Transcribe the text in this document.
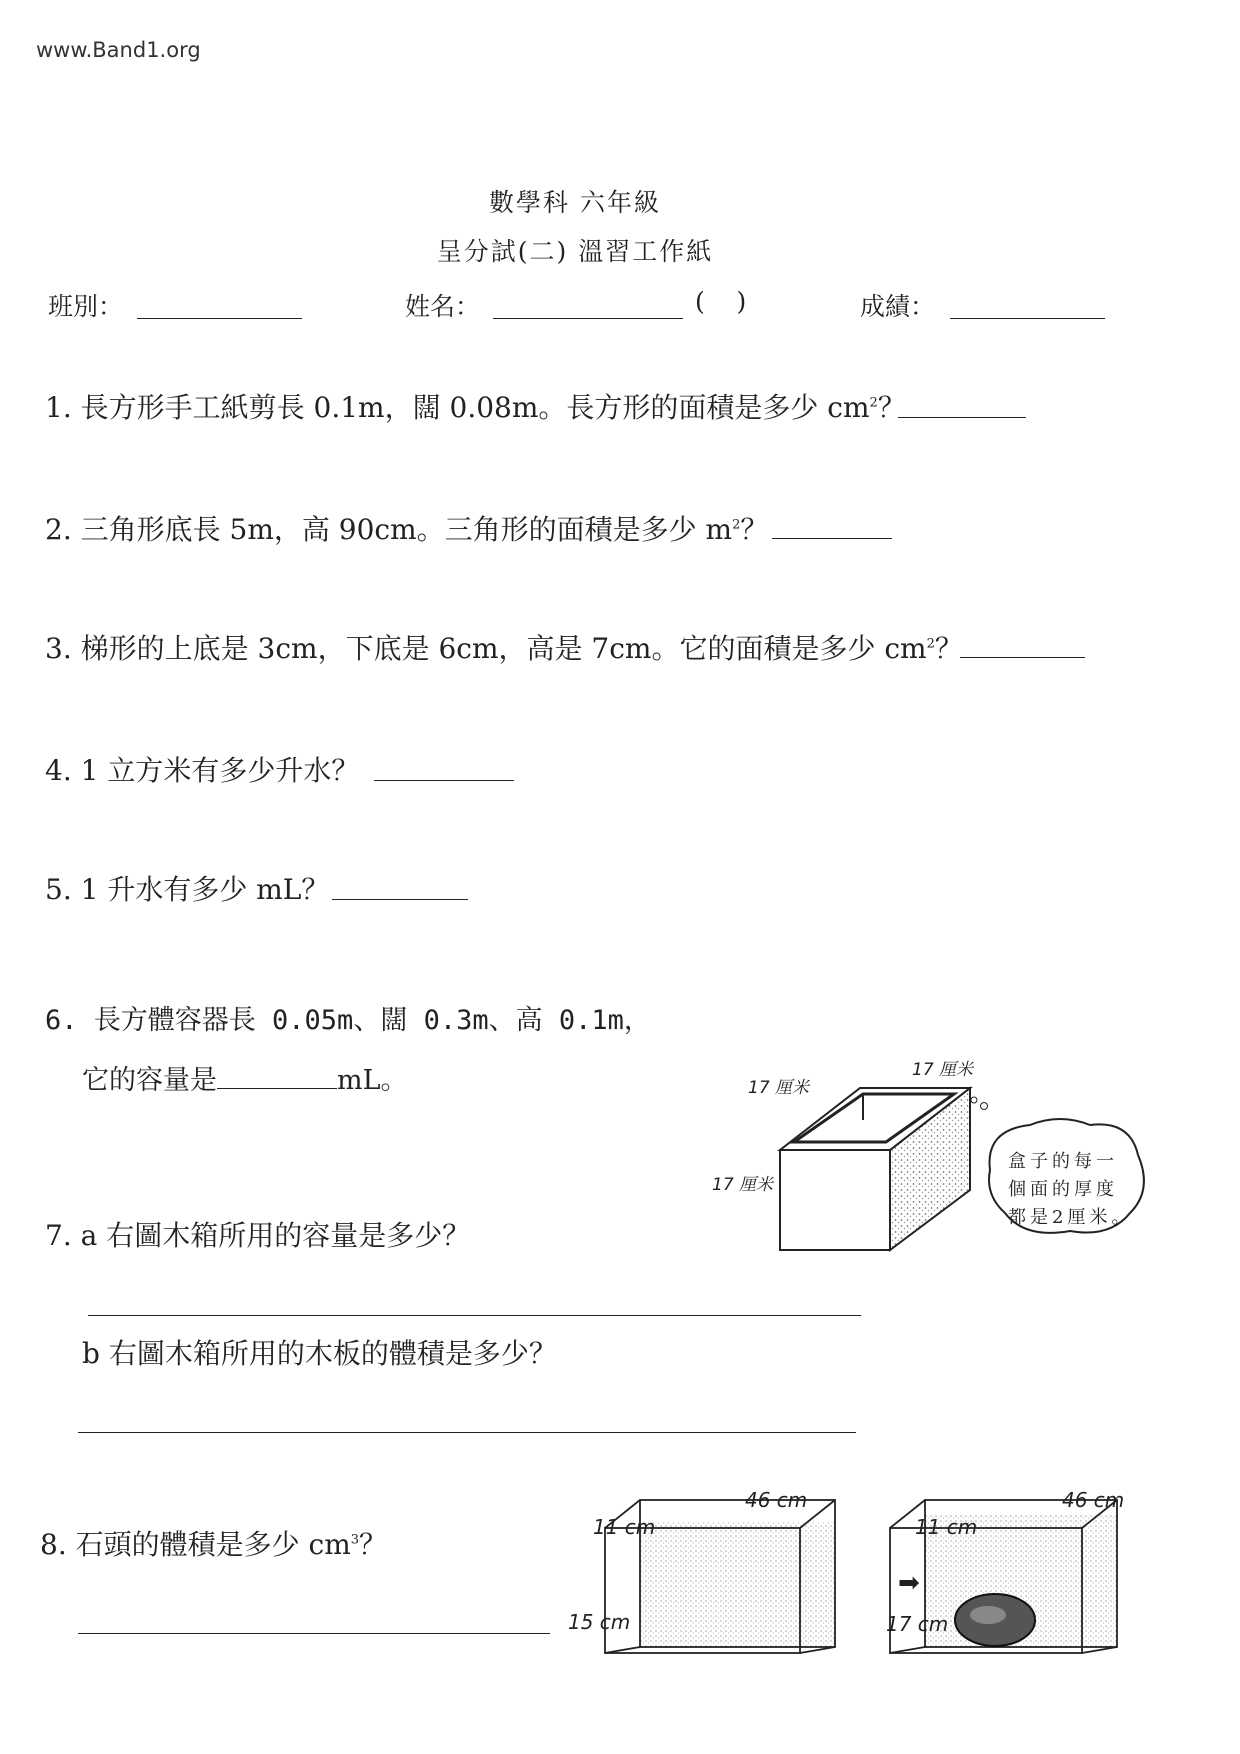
www.Band1.org
數學科 六年級
呈分試(二) 溫習工作紙
班別：	姓名：	(    )	成績：
1. 長方形手工紙剪長 0.1m，闊 0.08m。長方形的面積是多少 $cm^2$？
2. 三角形底長 5m，高 90cm。三角形的面積是多少 $m^2$？
3. 梯形的上底是 3cm，下底是 6cm，高是 7cm。它的面積是多少 $cm^2$？
4. 1 立方米有多少升水？
5. 1 升水有多少 mL？
6. 長方體容器長 0.05m、闊 0.3m、高 0.1m，
它的容量是	mL。
7. a 右圖木箱所用的容量是多少？
b 右圖木箱所用的木板的體積是多少？
8. 石頭的體積是多少 $cm^3$？
17 厘米
17 厘米
17 厘米
盒子的每一
個面的厚度
都是2厘米。
46 cm
11 cm
15 cm
46 cm
11 cm
17 cm
➡
